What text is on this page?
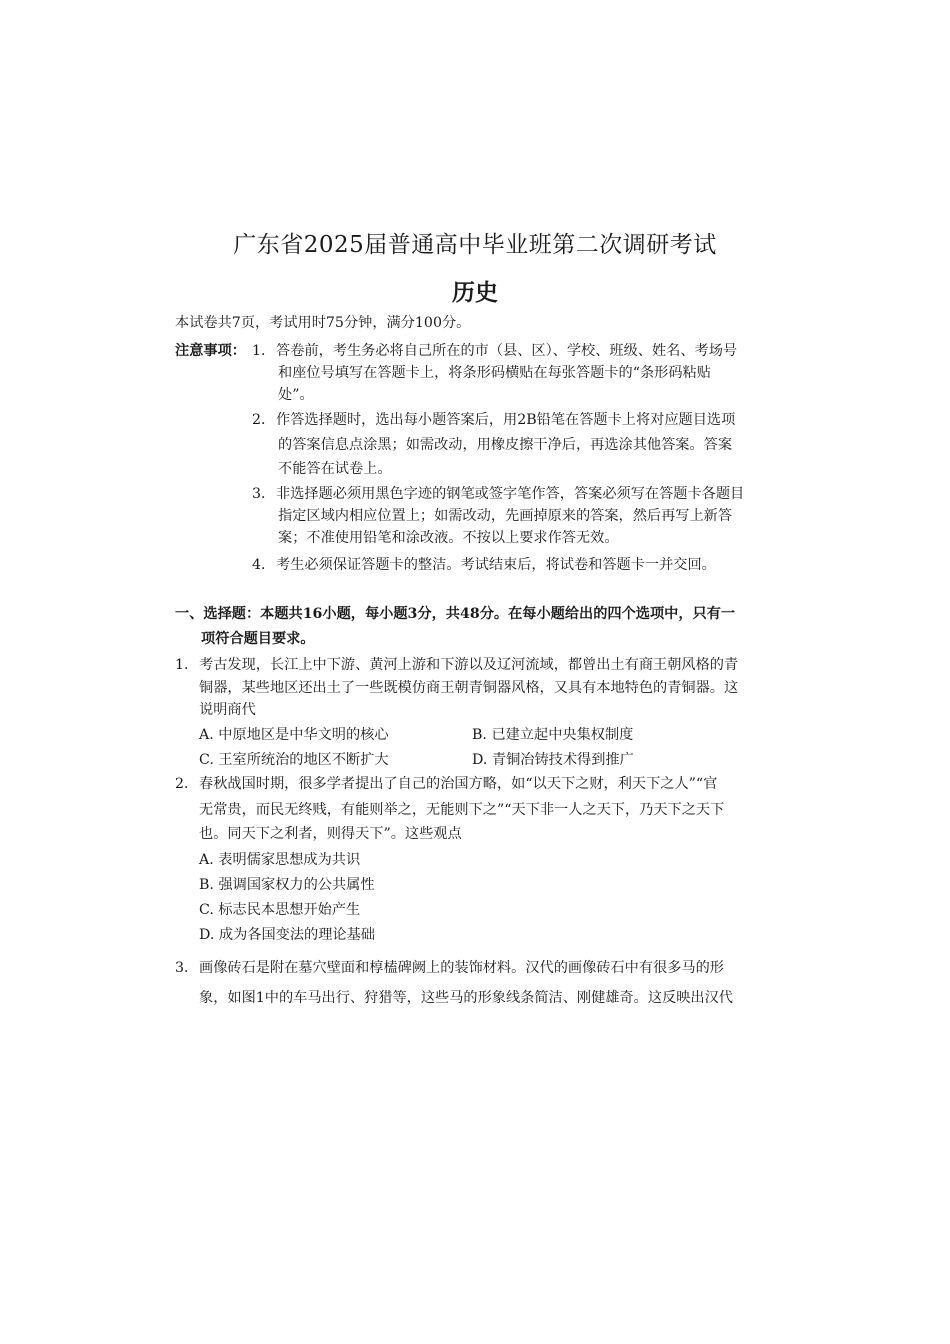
广东省2025届普通高中毕业班第二次调研考试
历史
本试卷共7页，考试用时75分钟，满分100分。
注意事项： 1． 答卷前，考生务必将自己所在的市（县、区）、学校、班级、姓名、考场号
和座位号填写在答题卡上，将条形码横贴在每张答题卡的“条形码粘贴
处”。
2． 作答选择题时，选出每小题答案后，用2B铅笔在答题卡上将对应题目选项
的答案信息点涂黑；如需改动，用橡皮擦干净后，再选涂其他答案。答案
不能答在试卷上。
3． 非选择题必须用黑色字迹的钢笔或签字笔作答，答案必须写在答题卡各题目
指定区域内相应位置上；如需改动，先画掉原来的答案，然后再写上新答
案；不准使用铅笔和涂改液。不按以上要求作答无效。
4． 考生必须保证答题卡的整洁。考试结束后，将试卷和答题卡一并交回。
一、选择题：本题共16小题，每小题3分，共48分。在每小题给出的四个选项中，只有一
项符合题目要求。
1． 考古发现，长江上中下游、黄河上游和下游以及辽河流域，都曾出土有商王朝风格的青
铜器，某些地区还出土了一些既模仿商王朝青铜器风格，又具有本地特色的青铜器。这
说明商代
A. 中原地区是中华文明的核心	B. 已建立起中央集权制度
C. 王室所统治的地区不断扩大	D. 青铜冶铸技术得到推广
2． 春秋战国时期，很多学者提出了自己的治国方略，如“以天下之财，利天下之人”“官
无常贵，而民无终贱，有能则举之，无能则下之”“天下非一人之天下，乃天下之天下
也。同天下之利者，则得天下”。这些观点
A. 表明儒家思想成为共识
B. 强调国家权力的公共属性
C. 标志民本思想开始产生
D. 成为各国变法的理论基础
3． 画像砖石是附在墓穴壁面和椁榼碑阙上的装饰材料。汉代的画像砖石中有很多马的形
象，如图1中的车马出行、狩猎等，这些马的形象线条简洁、刚健雄奇。这反映出汉代
